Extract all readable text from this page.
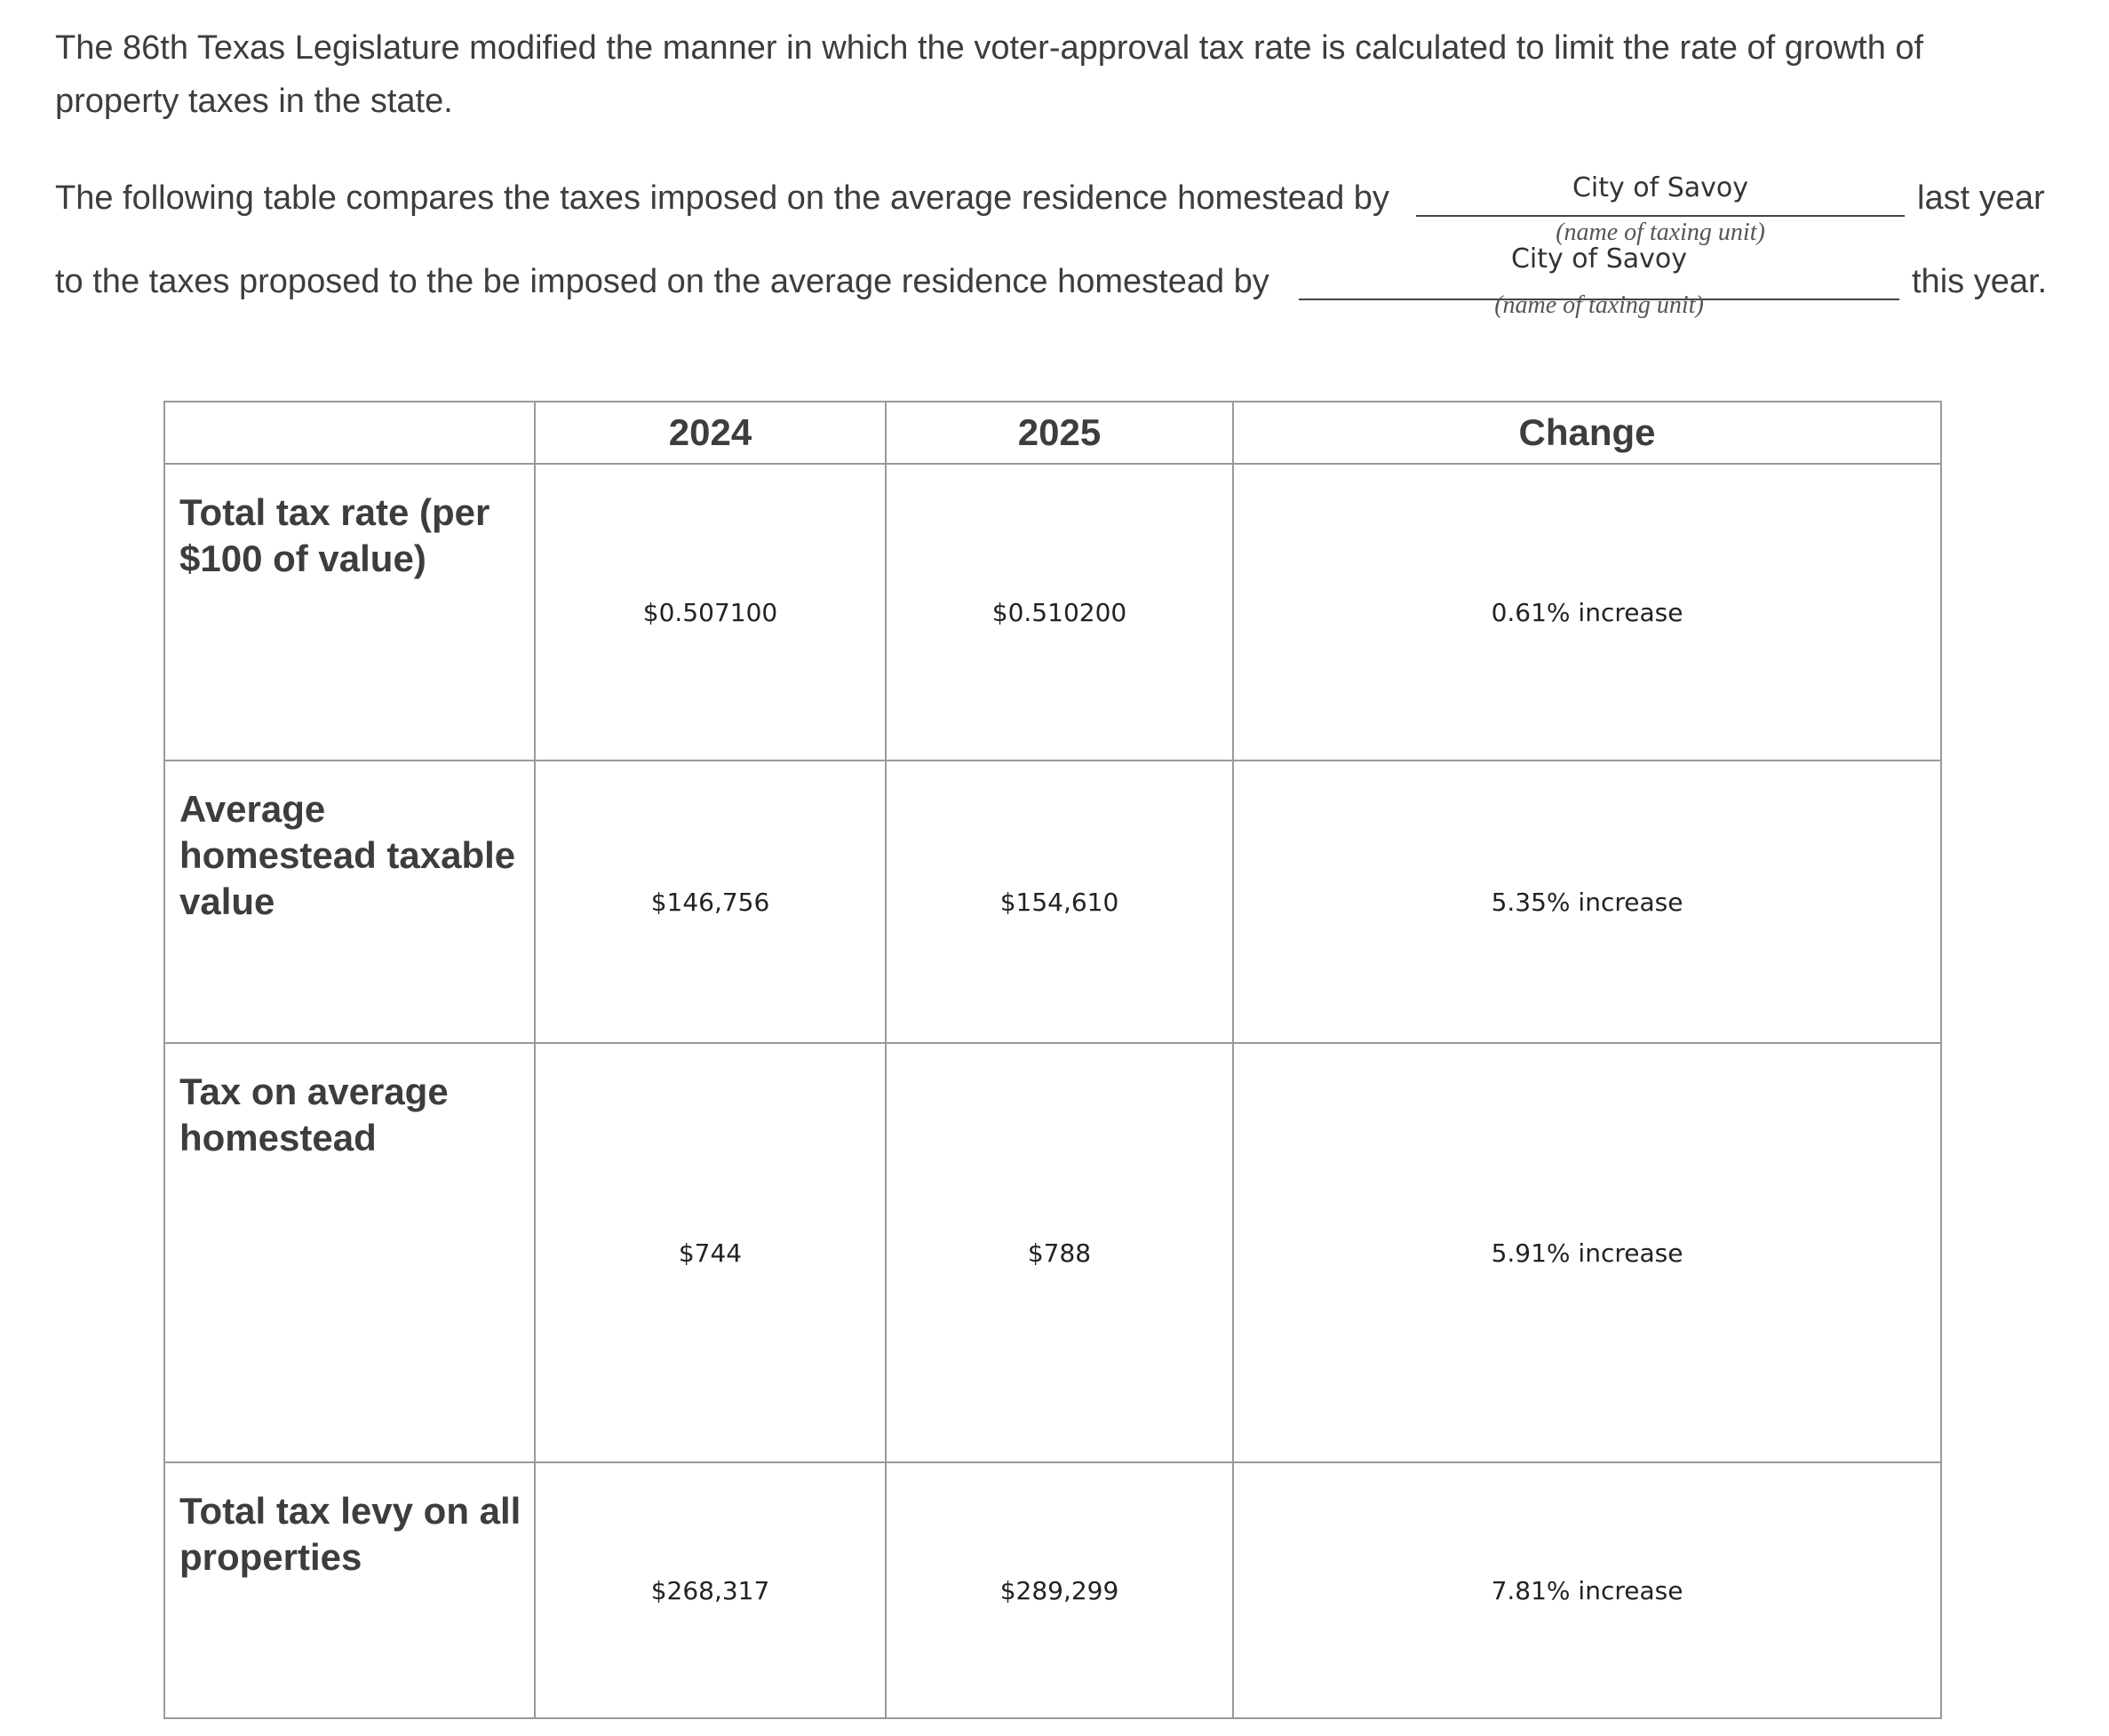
The 86th Texas Legislature modified the manner in which the voter-approval tax rate is calculated to limit the rate of growth of property taxes in the state.

The following table compares the taxes imposed on the average residence homestead by	City of Savoy
(name of taxing unit)
last year
to the taxes proposed to the be imposed on the average residence homestead by
City of Savoy
(name of taxing unit)
this year.
	2024	2025	Change
Total tax rate (per $100 of value)	$0.507100	$0.510200	0.61% increase
Average homestead taxable value	$146,756	$154,610	5.35% increase
Tax on average homestead	$744	$788	5.91% increase
Total tax levy on all properties	$268,317	$289,299	7.81% increase
